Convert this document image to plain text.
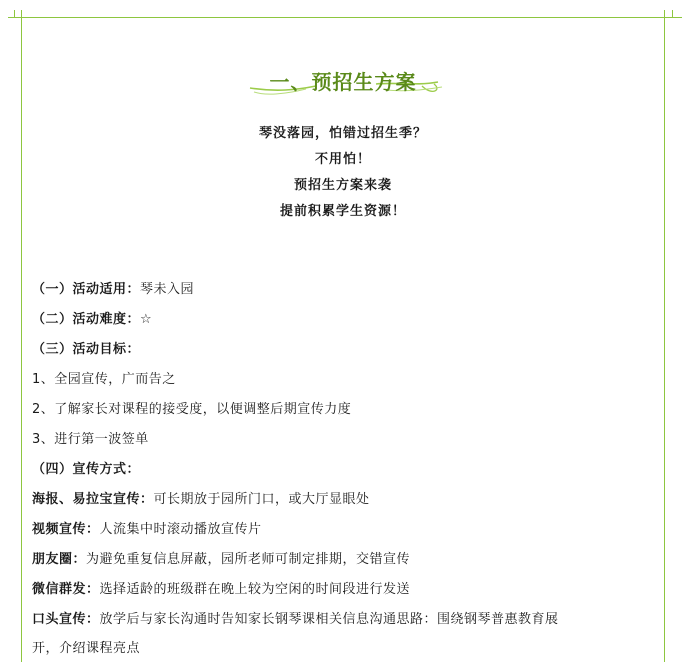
一、预招生方案
琴没落园，怕错过招生季？
不用怕！
预招生方案来袭
提前积累学生资源！
（一）活动适用：琴未入园
（二）活动难度：☆
（三）活动目标：
1、全园宣传，广而告之
2、了解家长对课程的接受度，以便调整后期宣传力度
3、进行第一波签单
（四）宣传方式：
海报、易拉宝宣传：可长期放于园所门口，或大厅显眼处
视频宣传：人流集中时滚动播放宣传片
朋友圈：为避免重复信息屏蔽，园所老师可制定排期，交错宣传
微信群发：选择适龄的班级群在晚上较为空闲的时间段进行发送
口头宣传：放学后与家长沟通时告知家长钢琴课相关信息沟通思路：围绕钢琴普惠教育展
开，介绍课程亮点
